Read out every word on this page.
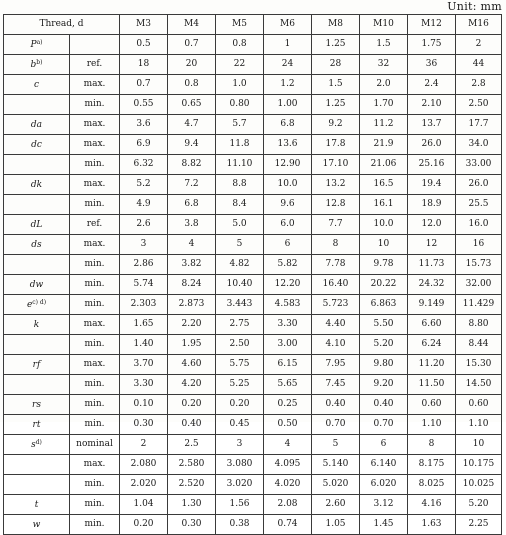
Unit: mm
Thread, d		M3	M4	M5	M6	M8	M10	M12	M16
$P^{a)}$		0.5	0.7	0.8	1	1.25	1.5	1.75	2
$b^{b)}$	ref.	18	20	22	24	28	32	36	44
c	max.	0.7	0.8	1.0	1.2	1.5	2.0	2.4	2.8
	min.	0.55	0.65	0.80	1.00	1.25	1.70	2.10	2.50
da	max.	3.6	4.7	5.7	6.8	9.2	11.2	13.7	17.7
dc	max.	6.9	9.4	11.8	13.6	17.8	21.9	26.0	34.0
	min.	6.32	8.82	11.10	12.90	17.10	21.06	25.16	33.00
dk	max.	5.2	7.2	8.8	10.0	13.2	16.5	19.4	26.0
	min.	4.9	6.8	8.4	9.6	12.8	16.1	18.9	25.5
dL	ref.	2.6	3.8	5.0	6.0	7.7	10.0	12.0	16.0
ds	max.	3	4	5	6	8	10	12	16
	min.	2.86	3.82	4.82	5.82	7.78	9.78	11.73	15.73
dw	min.	5.74	8.24	10.40	12.20	16.40	20.22	24.32	32.00
$e^{c) d)}$	min.	2.303	2.873	3.443	4.583	5.723	6.863	9.149	11.429
k	max.	1.65	2.20	2.75	3.30	4.40	5.50	6.60	8.80
	min.	1.40	1.95	2.50	3.00	4.10	5.20	6.24	8.44
rf	max.	3.70	4.60	5.75	6.15	7.95	9.80	11.20	15.30
	min.	3.30	4.20	5.25	5.65	7.45	9.20	11.50	14.50
rs	min.	0.10	0.20	0.20	0.25	0.40	0.40	0.60	0.60
rt	min.	0.30	0.40	0.45	0.50	0.70	0.70	1.10	1.10
$s^{d)}$	nominal	2	2.5	3	4	5	6	8	10
	max.	2.080	2.580	3.080	4.095	5.140	6.140	8.175	10.175
	min.	2.020	2.520	3.020	4.020	5.020	6.020	8.025	10.025
t	min.	1.04	1.30	1.56	2.08	2.60	3.12	4.16	5.20
w	min.	0.20	0.30	0.38	0.74	1.05	1.45	1.63	2.25
